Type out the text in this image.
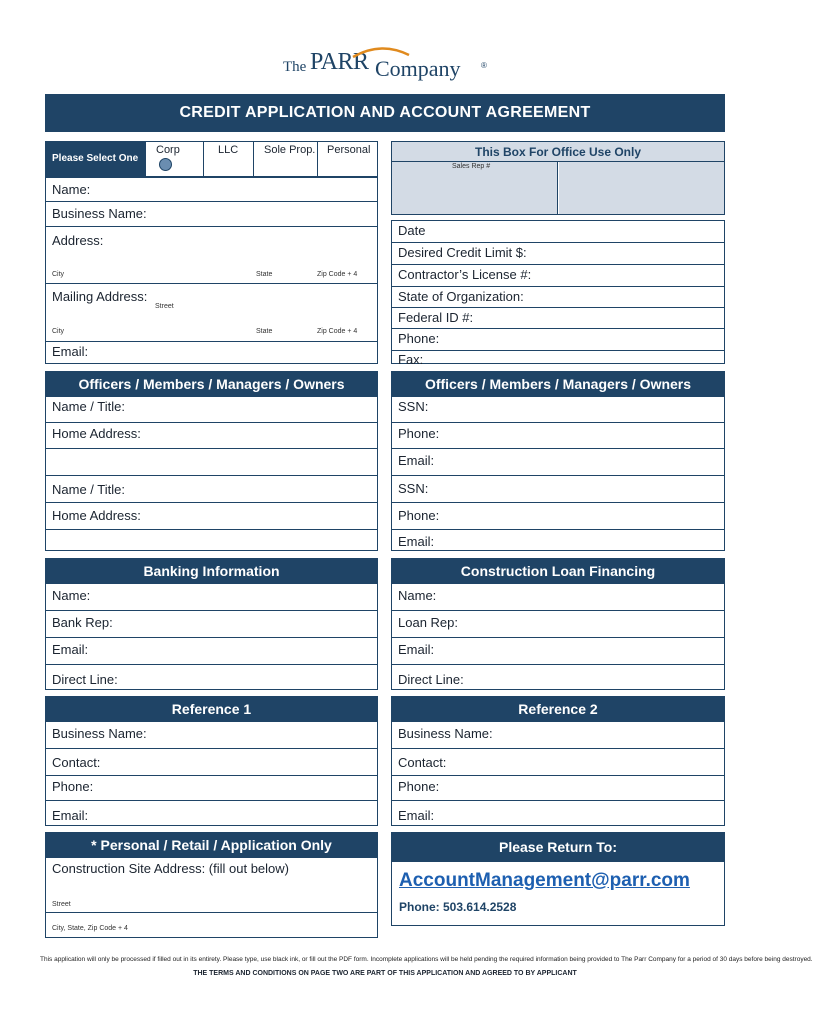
The PARR Company	®
CREDIT APPLICATION AND ACCOUNT AGREEMENT
Please Select One
Corp	LLC Sole Prop. Personal	This Box For Office Use Only
Sales Rep #
Name:
Business Name:
Address:
City	State	Zip Code + 4
Mailing Address:
Street
City	State	Zip Code + 4
Email:
Date
Desired Credit Limit $:
Contractor’s License #:
State of Organization:
Federal ID #:
Phone:
Fax:
Officers / Members / Managers / Owners
Name / Title:
Home Address:
Name / Title:
Home Address:
Officers / Members / Managers / Owners
SSN:
Phone:
Email:
SSN:
Phone:
Email:
Banking Information
Name:
Bank Rep:
Email:
Direct Line:
Construction Loan Financing
Name:
Loan Rep:
Email:
Direct Line:
Reference 1
Business Name:
Contact:
Phone:
Email:
Reference 2
Business Name:
Contact:
Phone:
Email:
* Personal / Retail / Application Only
Construction Site Address: (fill out below)
Street
City, State, Zip Code + 4
Please Return To:
AccountManagement@parr.com
Phone: 503.614.2528
This application will only be processed if filled out in its entirety. Please type, use black ink, or fill out the PDF form. Incomplete applications will be held pending the required information being provided to The Parr Company for a period of 30 days before being destroyed.
THE TERMS AND CONDITIONS ON PAGE TWO ARE PART OF THIS APPLICATION AND AGREED TO BY APPLICANT
